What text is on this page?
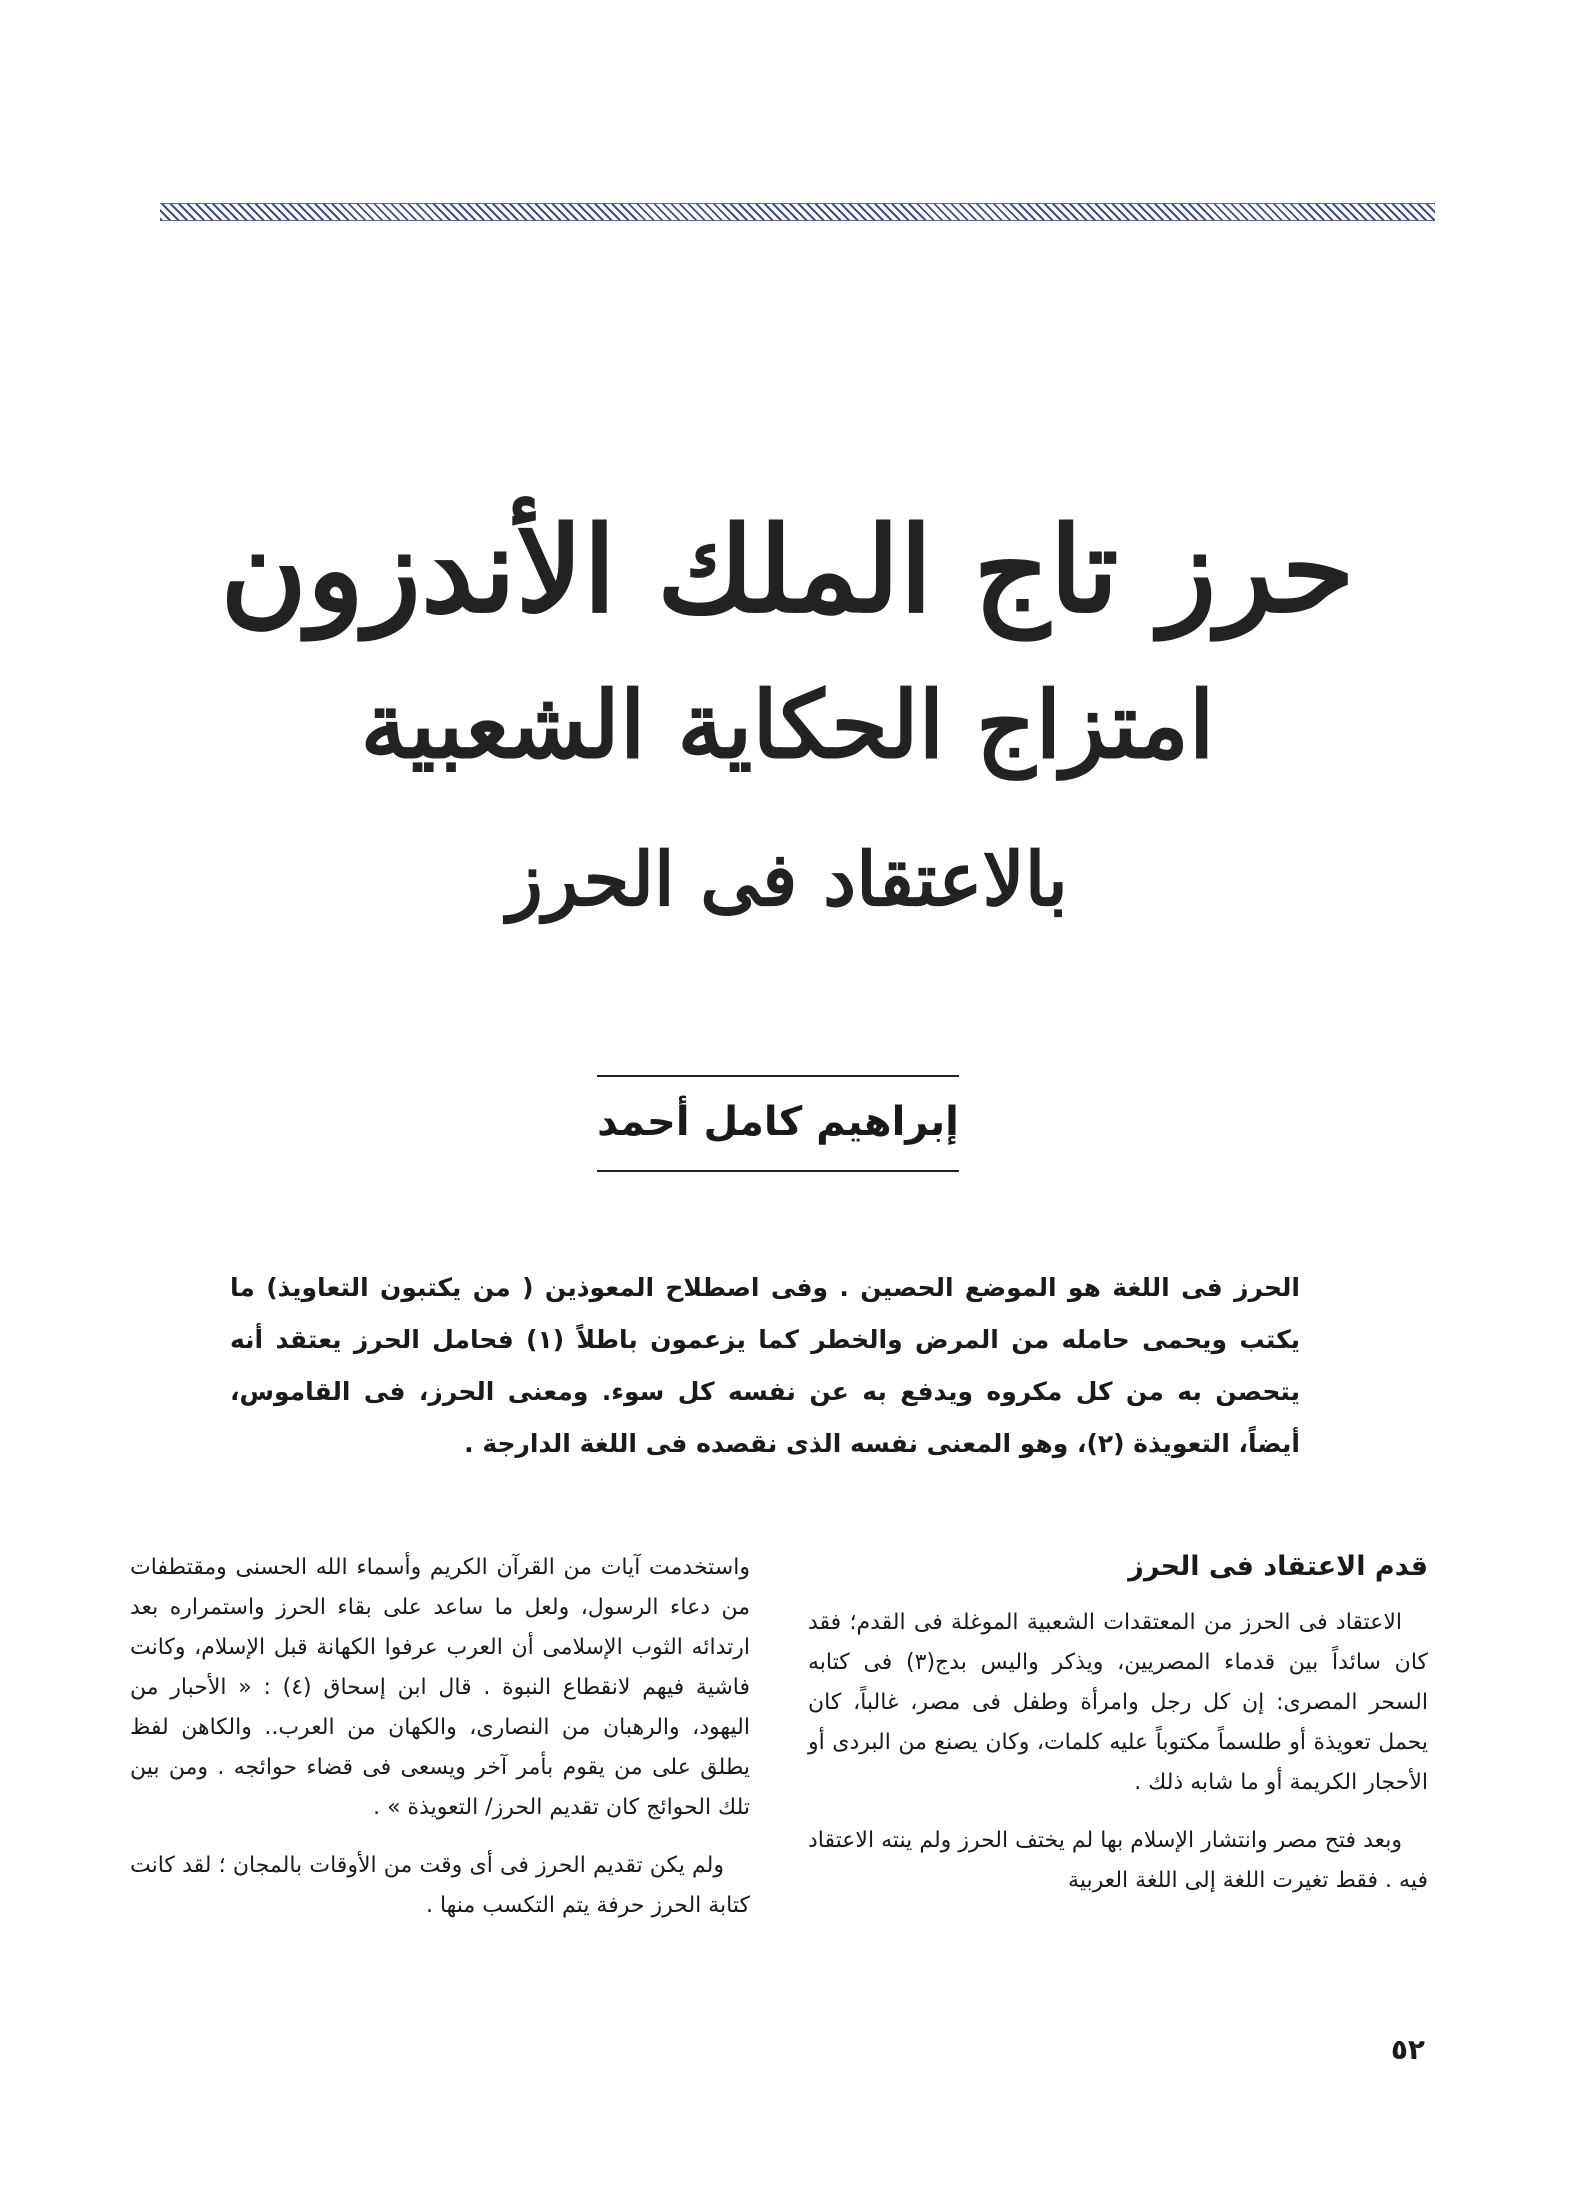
حرز تاج الملك الأندزون
امتزاج الحكاية الشعبية
بالاعتقاد فى الحرز
إبراهيم كامل أحمد
الحرز فى اللغة هو الموضع الحصين . وفى اصطلاح المعوذين ( من يكتبون التعاويذ) ما يكتب ويحمى حامله من المرض والخطر كما يزعمون باطلاً (١) فحامل الحرز يعتقد أنه يتحصن به من كل مكروه ويدفع به عن نفسه كل سوء. ومعنى الحرز، فى القاموس، أيضاً، التعويذة (٢)، وهو المعنى نفسه الذى نقصده فى اللغة الدارجة .
قدم الاعتقاد فى الحرز

الاعتقاد فى الحرز من المعتقدات الشعبية الموغلة فى القدم؛ فقد كان سائداً بين قدماء المصريين، ويذكر واليس بدج(٣) فى كتابه السحر المصرى: إن كل رجل وامرأة وطفل فى مصر، غالباً، كان يحمل تعويذة أو طلسماً مكتوباً عليه كلمات، وكان يصنع من البردى أو الأحجار الكريمة أو ما شابه ذلك .

وبعد فتح مصر وانتشار الإسلام بها لم يختف الحرز ولم ينته الاعتقاد فيه . فقط تغيرت اللغة إلى اللغة العربية

واستخدمت آيات من القرآن الكريم وأسماء الله الحسنى ومقتطفات من دعاء الرسول، ولعل ما ساعد على بقاء الحرز واستمراره بعد ارتدائه الثوب الإسلامى أن العرب عرفوا الكهانة قبل الإسلام، وكانت فاشية فيهم لانقطاع النبوة . قال ابن إسحاق (٤) : « الأحبار من اليهود، والرهبان من النصارى، والكهان من العرب.. والكاهن لفظ يطلق على من يقوم بأمر آخر ويسعى فى قضاء حوائجه . ومن بين تلك الحوائج كان تقديم الحرز/ التعويذة » .

ولم يكن تقديم الحرز فى أى وقت من الأوقات بالمجان ؛ لقد كانت كتابة الحرز حرفة يتم التكسب منها .

٥٢
